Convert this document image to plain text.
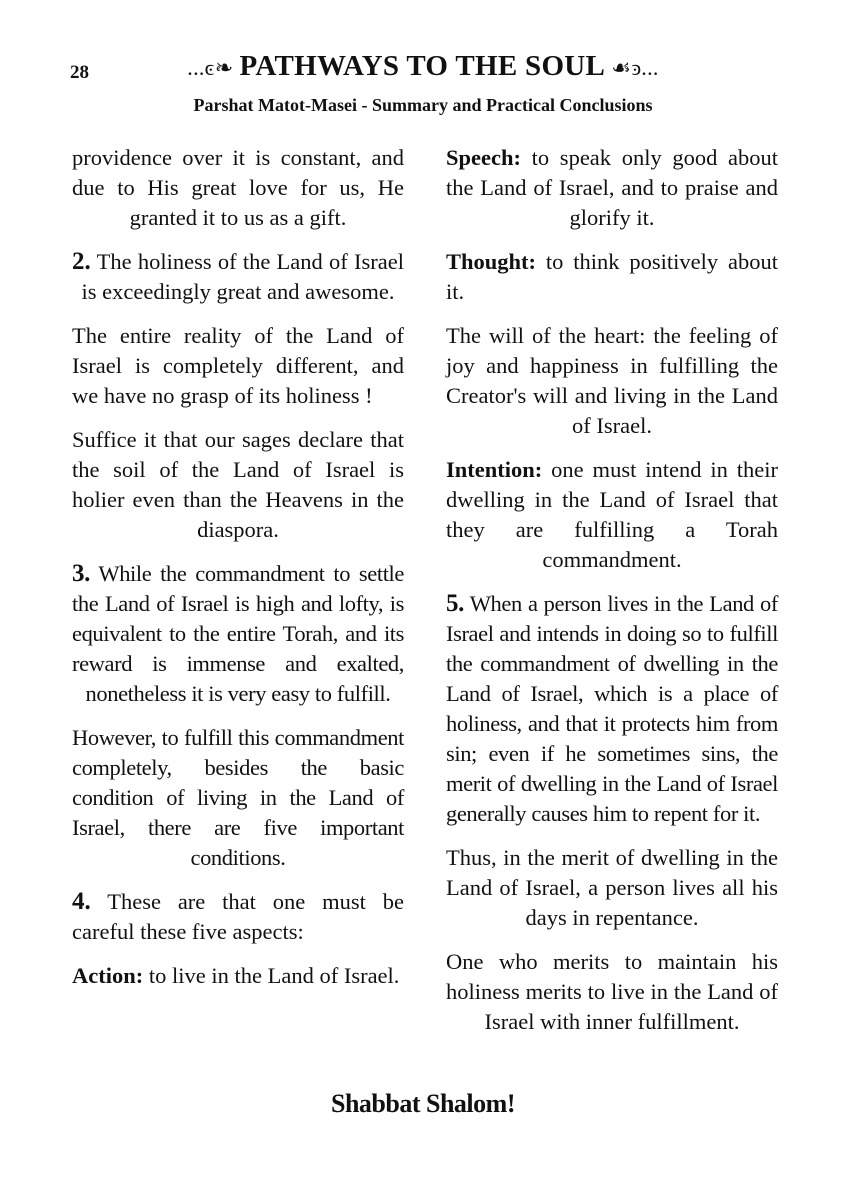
28	...ͼ❧ PATHWAYS TO THE SOUL ☙ͽ...
Parshat Matot-Masei - Summary and Practical Conclusions

providence over it is constant, and due to His great love for us, He granted it to us as a gift.

2. The holiness of the Land of Israel is exceedingly great and awesome.

The entire reality of the Land of Israel is completely different, and we have no grasp of its holiness !

Suffice it that our sages declare that the soil of the Land of Israel is holier even than the Heavens in the diaspora.

3. While the commandment to settle the Land of Israel is high and lofty, is equivalent to the entire Torah, and its reward is immense and exalted, nonetheless it is very easy to fulfill.

However, to fulfill this commandment completely, besides the basic condition of living in the Land of Israel, there are five important conditions.

4. These are that one must be careful these five aspects:

Action: to live in the Land of Israel.

Speech: to speak only good about the Land of Israel, and to praise and glorify it.

Thought: to think positively about it.

The will of the heart: the feeling of joy and happiness in fulfilling the Creator's will and living in the Land of Israel.

Intention: one must intend in their dwelling in the Land of Israel that they are fulfilling a Torah commandment.

5. When a person lives in the Land of Israel and intends in doing so to fulfill the commandment of dwelling in the Land of Israel, which is a place of holiness, and that it protects him from sin; even if he sometimes sins, the merit of dwelling in the Land of Israel generally causes him to repent for it.

Thus, in the merit of dwelling in the Land of Israel, a person lives all his days in repentance.

One who merits to maintain his holiness merits to live in the Land of Israel with inner fulfillment.

Shabbat Shalom!
